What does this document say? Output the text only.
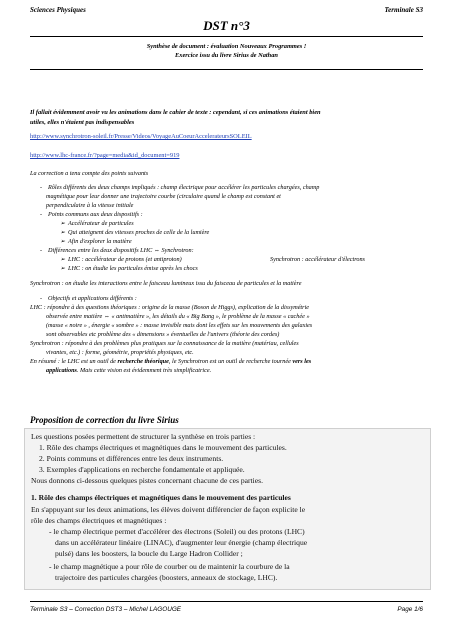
Sciences Physiques	Terminale S3
DST n°3
Synthèse de document : évaluation Nouveaux Programmes !
Exercice issu du livre Sirius de Nathan
Il fallait évidemment avoir vu les animations dans le cahier de texte : cependant, si ces animations étaient bien
utiles, elles n'étaient pas indispensables
http://www.synchrotron-soleil.fr/Presse/Videos/VoyageAuCoeurAccelerateursSOLEIL
http://www.lhc-france.fr/?page=media&id_document=919
La correction a tenu compte des points suivants
- Rôles différents des deux champs impliqués : champ électrique pour accélérer les particules chargées, champ
magnétique pour leur donner une trajectoire courbe (circulaire quand le champ est constant et
perpendiculaire à la vitesse initiale
- Points communs aux deux dispositifs :
➢ Accélérateur de particules
➢ Qui atteignent des vitesses proches de celle de la lumière
➢ Afin d'explorer la matière
- Différences entre les deux dispositifs LHC ⇔ Synchrotron:
➢ LHC : accélérateur de protons (et antiproton)	Synchrotron : accélérateur d'électrons
➢ LHC : on étudie les particules émise après les chocs
Synchrotron : on étudie les interactions entre le faisceau lumineux issu du faisceau de particules et la matière
- Objectifs et applications différents :
LHC : répondre à des questions théoriques : origine de la masse (Boson de Higgs), explication de la dissymétrie
observée entre matière ⇔ « antimatière », les détails du « Big Bang », le problème de la masse « cachée »
(masse « noire » , énergie « sombre » : masse invisible mais dont les effets sur les mouvements des galaxies
sont observables etc problème des « dimensions » éventuelles de l'univers (théorie des cordes)
Synchrotron : répondre à des problèmes plus pratiques sur la connaissance de la matière (matériau, cellules
vivantes, etc.) : forme, géométrie, propriétés physiques, etc.
En résumé : le LHC est un outil de recherche théorique, le Synchrotron est un outil de recherche tournée vers les
applications. Mais cette vision est évidemment très simplificatrice.
Proposition de correction du livre Sirius
Les questions posées permettent de structurer la synthèse en trois parties :
1. Rôle des champs électriques et magnétiques dans le mouvement des particules.
2. Points communs et différences entre les deux instruments.
3. Exemples d'applications en recherche fondamentale et appliquée.
Nous donnons ci-dessous quelques pistes concernant chacune de ces parties.
1. Rôle des champs électriques et magnétiques dans le mouvement des particules
En s'appuyant sur les deux animations, les élèves doivent différencier de façon explicite le
rôle des champs électriques et magnétiques :
- le champ électrique permet d'accélérer des électrons (Soleil) ou des protons (LHC)
dans un accélérateur linéaire (LINAC), d'augmenter leur énergie (champ électrique
pulsé) dans les boosters, la boucle du Large Hadron Collider ;
- le champ magnétique a pour rôle de courber ou de maintenir la courbure de la
trajectoire des particules chargées (boosters, anneaux de stockage, LHC).
Terminale S3 – Correction DST3 – Michel LAGOUGE	Page 1/6
